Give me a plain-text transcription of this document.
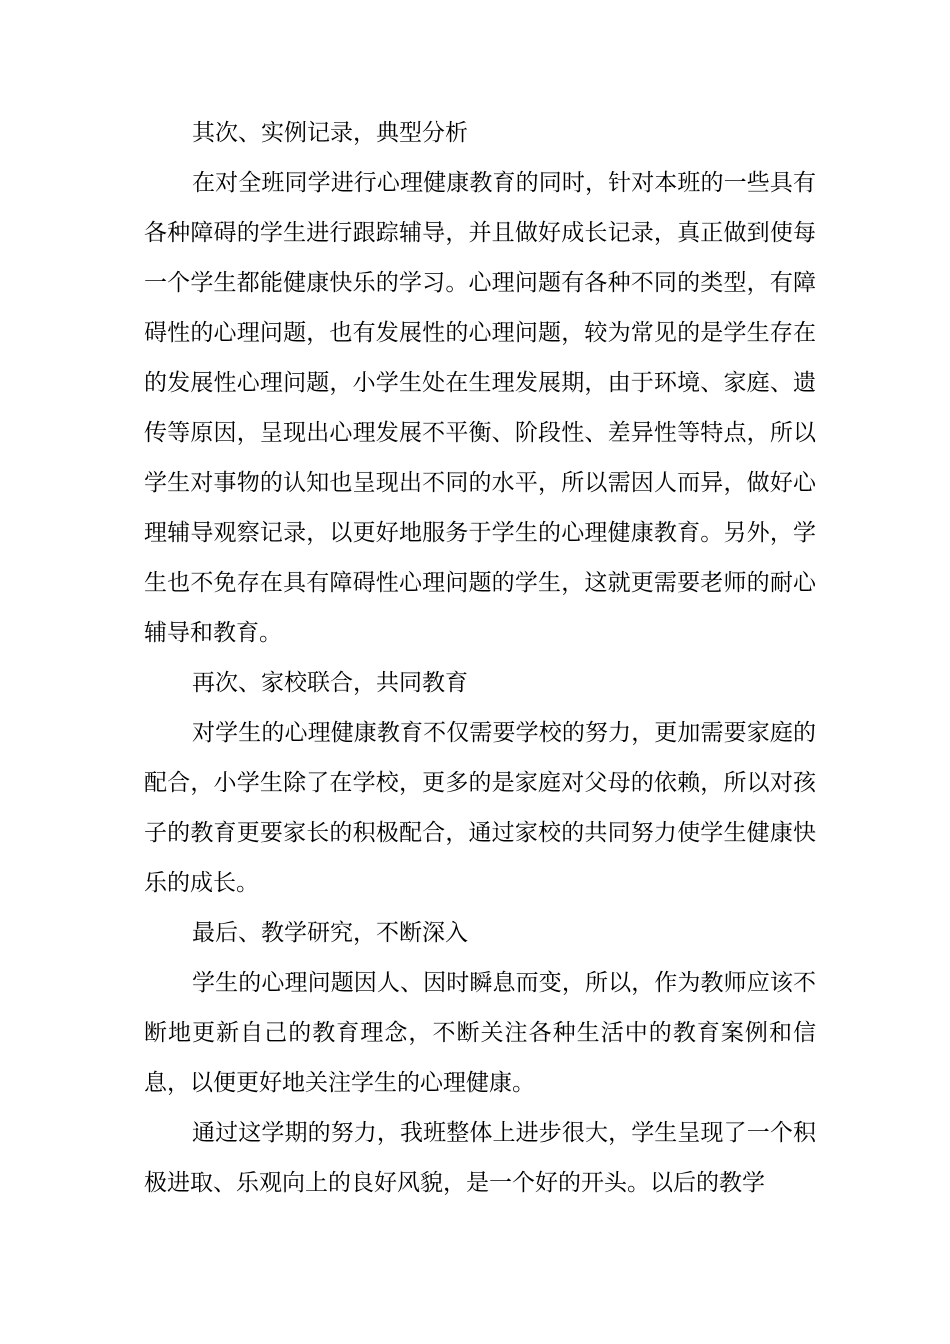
其次、实例记录，典型分析

在对全班同学进行心理健康教育的同时，针对本班的一些具有各种障碍的学生进行跟踪辅导，并且做好成长记录，真正做到使每一个学生都能健康快乐的学习。心理问题有各种不同的类型，有障碍性的心理问题，也有发展性的心理问题，较为常见的是学生存在的发展性心理问题，小学生处在生理发展期，由于环境、家庭、遗传等原因，呈现出心理发展不平衡、阶段性、差异性等特点，所以学生对事物的认知也呈现出不同的水平，所以需因人而异，做好心理辅导观察记录，以更好地服务于学生的心理健康教育。另外，学生也不免存在具有障碍性心理问题的学生，这就更需要老师的耐心辅导和教育。

再次、家校联合，共同教育

对学生的心理健康教育不仅需要学校的努力，更加需要家庭的配合，小学生除了在学校，更多的是家庭对父母的依赖，所以对孩子的教育更要家长的积极配合，通过家校的共同努力使学生健康快乐的成长。

最后、教学研究，不断深入

学生的心理问题因人、因时瞬息而变，所以，作为教师应该不断地更新自己的教育理念，不断关注各种生活中的教育案例和信息，以便更好地关注学生的心理健康。

通过这学期的努力，我班整体上进步很大，学生呈现了一个积极进取、乐观向上的良好风貌，是一个好的开头。以后的教学
